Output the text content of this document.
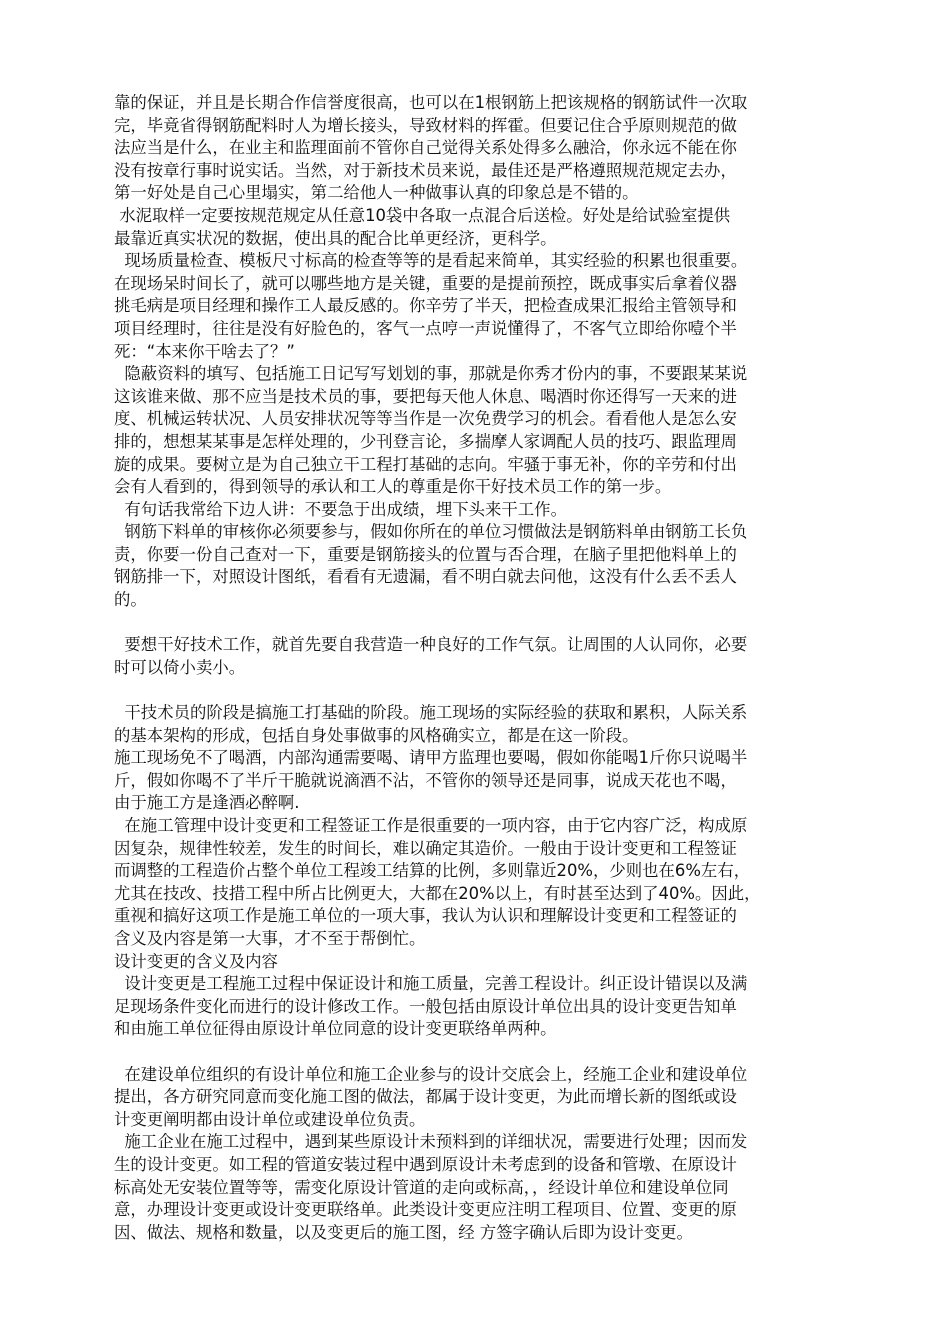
靠的保证，并且是长期合作信誉度很高，也可以在1根钢筋上把该规格的钢筋试件一次取
完，毕竟省得钢筋配料时人为增长接头，导致材料的挥霍。但要记住合乎原则规范的做
法应当是什么，在业主和监理面前不管你自己觉得关系处得多么融洽，你永远不能在你
没有按章行事时说实话。当然，对于新技术员来说，最佳还是严格遵照规范规定去办，
第一好处是自己心里塌实，第二给他人一种做事认真的印象总是不错的。
水泥取样一定要按规范规定从任意10袋中各取一点混合后送检。好处是给试验室提供
最靠近真实状况的数据，使出具的配合比单更经济，更科学。
现场质量检查、模板尺寸标高的检查等等的是看起来简单，其实经验的积累也很重要。
在现场呆时间长了，就可以哪些地方是关键，重要的是提前预控，既成事实后拿着仪器
挑毛病是项目经理和操作工人最反感的。你辛劳了半天，把检查成果汇报给主管领导和
项目经理时，往往是没有好脸色的，客气一点哼一声说懂得了，不客气立即给你噎个半
死：“本来你干啥去了？”
隐蔽资料的填写、包括施工日记写写划划的事，那就是你秀才份内的事，不要跟某某说
这该谁来做、那不应当是技术员的事，要把每天他人休息、喝酒时你还得写一天来的进
度、机械运转状况、人员安排状况等等当作是一次免费学习的机会。看看他人是怎么安
排的，想想某某事是怎样处理的，少刊登言论，多揣摩人家调配人员的技巧、跟监理周
旋的成果。要树立是为自己独立干工程打基础的志向。牢骚于事无补，你的辛劳和付出
会有人看到的，得到领导的承认和工人的尊重是你干好技术员工作的第一步。
有句话我常给下边人讲：不要急于出成绩，埋下头来干工作。
钢筋下料单的审核你必须要参与，假如你所在的单位习惯做法是钢筋料单由钢筋工长负
责，你要一份自己查对一下，重要是钢筋接头的位置与否合理，在脑子里把他料单上的
钢筋排一下，对照设计图纸，看看有无遗漏，看不明白就去问他，这没有什么丢不丢人
的。
要想干好技术工作，就首先要自我营造一种良好的工作气氛。让周围的人认同你，必要
时可以倚小卖小。
干技术员的阶段是搞施工打基础的阶段。施工现场的实际经验的获取和累积，人际关系
的基本架构的形成，包括自身处事做事的风格确实立，都是在这一阶段。
施工现场免不了喝酒，内部沟通需要喝、请甲方监理也要喝，假如你能喝1斤你只说喝半
斤，假如你喝不了半斤干脆就说滴酒不沾，不管你的领导还是同事，说成天花也不喝，
由于施工方是逢酒必醉啊.
在施工管理中设计变更和工程签证工作是很重要的一项内容，由于它内容广泛，构成原
因复杂，规律性较差，发生的时间长，难以确定其造价。一般由于设计变更和工程签证
而调整的工程造价占整个单位工程竣工结算的比例，多则靠近20%，少则也在6%左右，
尤其在技改、技措工程中所占比例更大，大都在20%以上，有时甚至达到了40%。因此，
重视和搞好这项工作是施工单位的一项大事，我认为认识和理解设计变更和工程签证的
含义及内容是第一大事，才不至于帮倒忙。
设计变更的含义及内容
设计变更是工程施工过程中保证设计和施工质量，完善工程设计。纠正设计错误以及满
足现场条件变化而进行的设计修改工作。一般包括由原设计单位出具的设计变更告知单
和由施工单位征得由原设计单位同意的设计变更联络单两种。
在建设单位组织的有设计单位和施工企业参与的设计交底会上，经施工企业和建设单位
提出，各方研究同意而变化施工图的做法，都属于设计变更，为此而增长新的图纸或设
计变更阐明都由设计单位或建设单位负责。
施工企业在施工过程中，遇到某些原设计未预料到的详细状况，需要进行处理；因而发
生的设计变更。如工程的管道安装过程中遇到原设计未考虑到的设备和管墩、在原设计
标高处无安装位置等等，需变化原设计管道的走向或标高，，经设计单位和建设单位同
意，办理设计变更或设计变更联络单。此类设计变更应注明工程项目、位置、变更的原
因、做法、规格和数量，以及变更后的施工图，经 方签字确认后即为设计变更。
